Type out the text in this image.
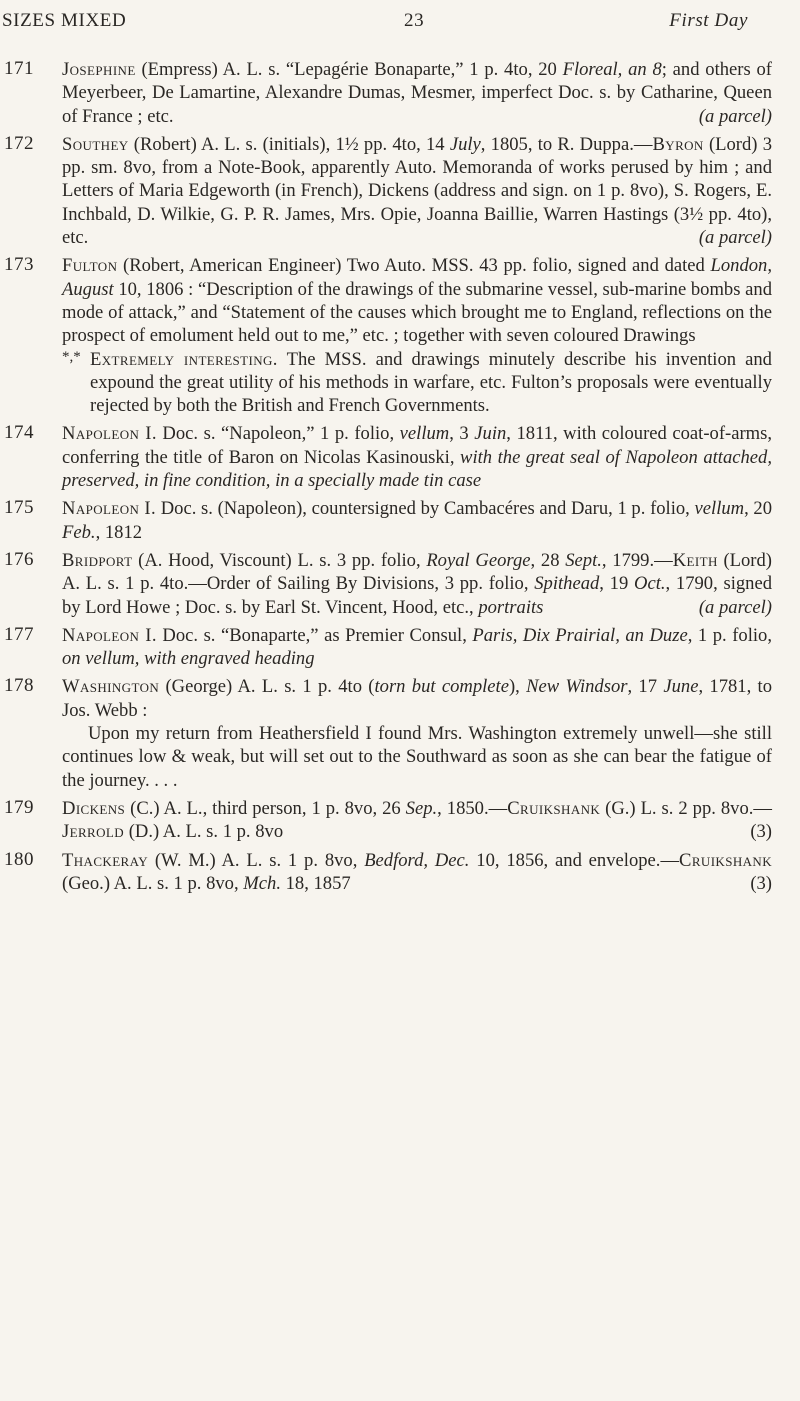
SIZES MIXED	23	First Day
171 Josephine (Empress) A. L. s. “Lepagérie Bonaparte,” 1 p. 4to, 20 Floreal, an 8; and others of Meyerbeer, De Lamartine, Alexandre Dumas, Mesmer, imperfect Doc. s. by Catharine, Queen of France ; etc.	(a parcel)
172 Southey (Robert) A. L. s. (initials), 1½ pp. 4to, 14 July, 1805, to R. Duppa.—Byron (Lord) 3 pp. sm. 8vo, from a Note-Book, apparently Auto. Memoranda of works perused by him ; and Letters of Maria Edgeworth (in French), Dickens (address and sign. on 1 p. 8vo), S. Rogers, E. Inchbald, D. Wilkie, G. P. R. James, Mrs. Opie, Joanna Baillie, Warren Hastings (3½ pp. 4to), etc.	(a parcel)
173 Fulton (Robert, American Engineer) Two Auto. MSS. 43 pp. folio, signed and dated London, August 10, 1806 : “Description of the drawings of the submarine vessel, sub-marine bombs and mode of attack,” and “Statement of the causes which brought me to England, reflections on the prospect of emolument held out to me,” etc. ; together with seven coloured Drawings
*,* Extremely interesting. The MSS. and drawings minutely describe his invention and expound the great utility of his methods in warfare, etc. Fulton’s proposals were eventually rejected by both the British and French Governments.
174 Napoleon I. Doc. s. “Napoleon,” 1 p. folio, vellum, 3 Juin, 1811, with coloured coat-of-arms, conferring the title of Baron on Nicolas Kasinouski, with the great seal of Napoleon attached, preserved, in fine condition, in a specially made tin case
175 Napoleon I. Doc. s. (Napoleon), countersigned by Cambacéres and Daru, 1 p. folio, vellum, 20 Feb., 1812
176 Bridport (A. Hood, Viscount) L. s. 3 pp. folio, Royal George, 28 Sept., 1799.—Keith (Lord) A. L. s. 1 p. 4to.—Order of Sailing By Divisions, 3 pp. folio, Spithead, 19 Oct., 1790, signed by Lord Howe ; Doc. s. by Earl St. Vincent, Hood, etc., portraits	(a parcel)
177 Napoleon I. Doc. s. “Bonaparte,” as Premier Consul, Paris, Dix Prairial, an Duze, 1 p. folio, on vellum, with engraved heading
178 Washington (George) A. L. s. 1 p. 4to (torn but complete), New Windsor, 17 June, 1781, to Jos. Webb :
Upon my return from Heathersfield I found Mrs. Washington extremely unwell—she still continues low & weak, but will set out to the Southward as soon as she can bear the fatigue of the journey. . . .
179 Dickens (C.) A. L., third person, 1 p. 8vo, 26 Sep., 1850.—Cruikshank (G.) L. s. 2 pp. 8vo.—Jerrold (D.) A. L. s. 1 p. 8vo	(3)
180 Thackeray (W. M.) A. L. s. 1 p. 8vo, Bedford, Dec. 10, 1856, and envelope.—Cruikshank (Geo.) A. L. s. 1 p. 8vo, Mch. 18, 1857	(3)
